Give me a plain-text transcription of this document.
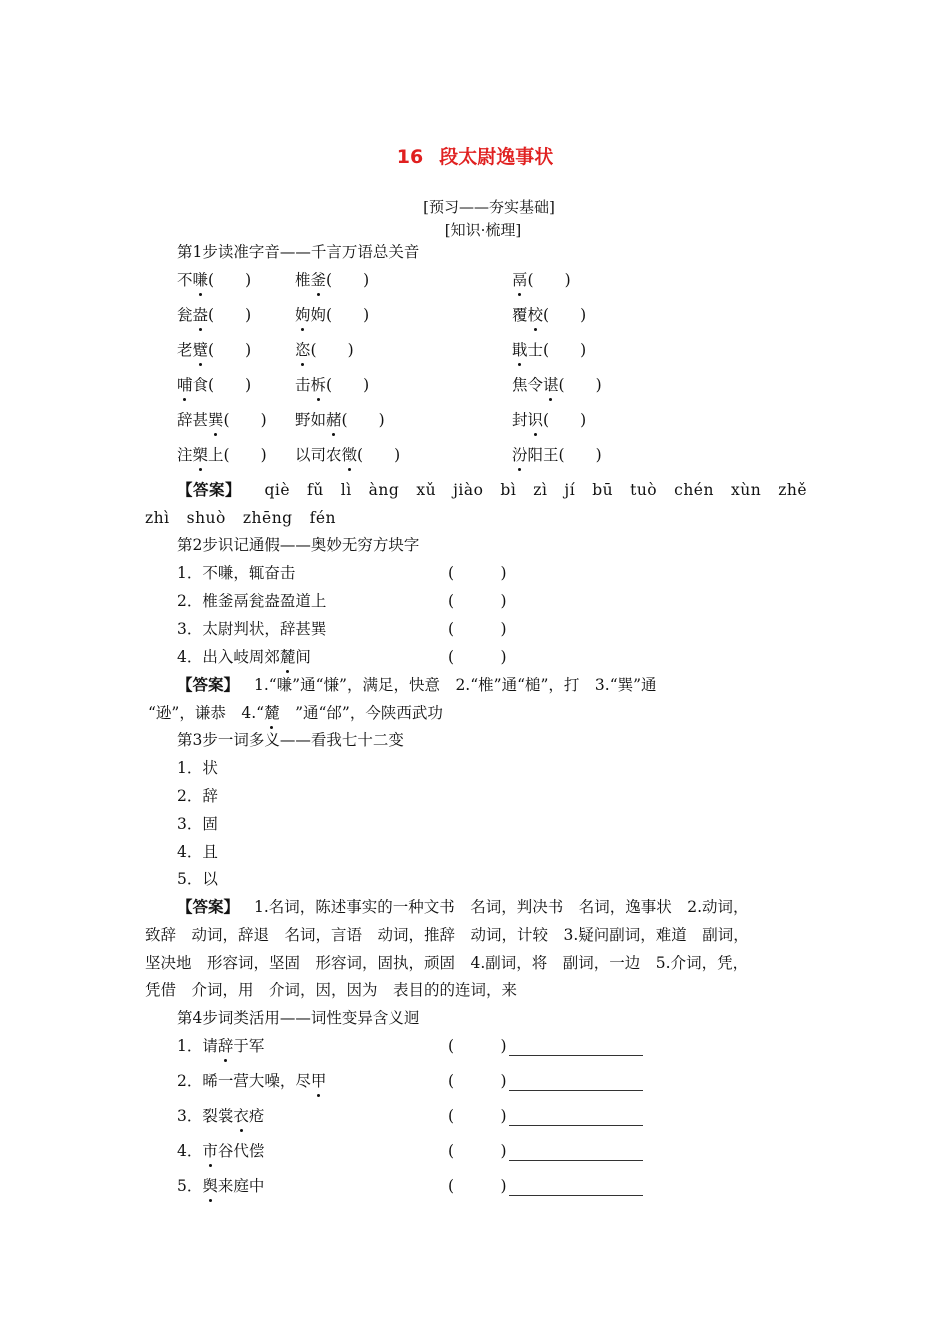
16 段太尉逸事状
[预习——夯实基础]
[知识·梳理]
第1步读准字音——千言万语总关音
不嗛(　　)	椎釜(　　)	鬲(　　)
瓮盎(　　)	姁姁(　　)	覆校(　　)
老躄(　　)	恣(　　)	戢士(　　)
哺食(　　)	击柝(　　)	焦令谌(　　)
辞甚巽(　　) 野如赭(　　)	封识(　　)
注槊上(　　) 以司农徵(　　)	汾阳王(　　)
【答案】 qiè fǔ lì àng xǔ jiào bì zì jí bū tuò chén xùn zhě
zhì shuò zhēng fén
第2步识记通假——奥妙无穷方块字
1．不嗛，辄奋击	(　　　)
2．椎釜鬲瓮盎盈道上	(　　　)
3．太尉判状，辞甚巽	(　　　)
4．出入岐周郊麓间	(　　　)
【答案】 1.“嗛”通“慊”，满足，快意　2.“椎”通“槌”，打　3.“巽”通
“逊”，谦恭　4.“麓　”通“邰”，今陕西武功
第3步一词多义——看我七十二变
1．状
2．辞
3．固
4．且
5．以
【答案】 1.名词，陈述事实的一种文书　名词，判决书　名词，逸事状　2.动词，
致辞　动词，辞退　名词，言语　动词，推辞　动词，计较　3.疑问副词，难道　副词，
坚决地　形容词，坚固　形容词，固执，顽固　4.副词，将　副词，一边　5.介词，凭，
凭借　介词，用　介词，因，因为　表目的的连词，来
第4步词类活用——词性变异含义迥
1．请辞于军	(　　　)
2．晞一营大噪，尽甲	(　　　)
3．裂裳衣疮	(　　　)
4．市谷代偿	(　　　)
5．舆来庭中	(　　　)
